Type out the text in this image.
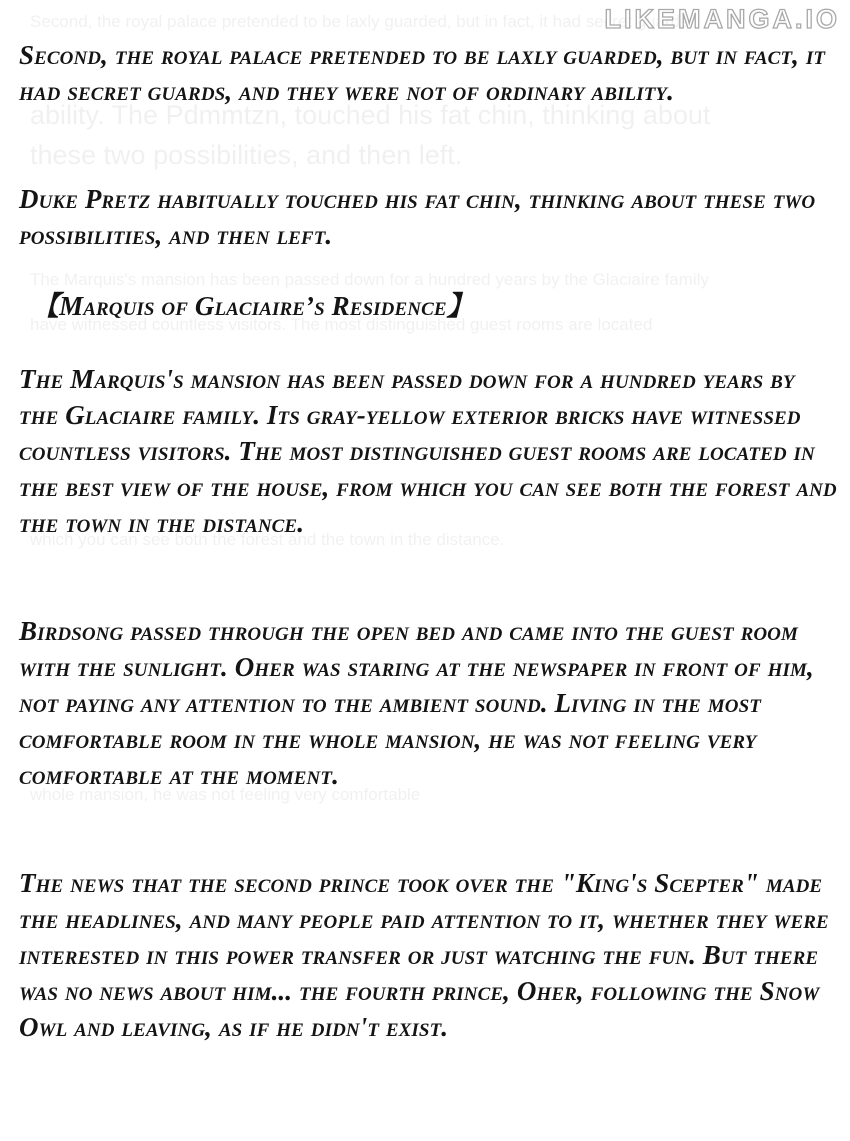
Second, the royal palace pretended to be laxly guarded, but in fact, it had secret guards
ability. The Pdmmtzn, touched his fat chin, thinking about
these two possibilities, and then left.
The Marquis's mansion has been passed down for a hundred years by the Glaciaire family
have witnessed countless visitors. The most distinguished guest rooms are located
which you can see both the forest and the town in the distance.
whole mansion, he was not feeling very comfortable
LIKEMANGA.IO

Second, the royal palace pretended to be laxly guarded, but in fact, it had secret guards, and they were not of ordinary ability.

Duke Pretz habitually touched his fat chin, thinking about these two possibilities, and then left.

【Marquis of Glaciaire’s Residence】

The Marquis's mansion has been passed down for a hundred years by the Glaciaire family. Its gray-yellow exterior bricks have witnessed countless visitors. The most distinguished guest rooms are located in the best view of the house, from which you can see both the forest and the town in the distance.

Birdsong passed through the open bed and came into the guest room with the sunlight. Oher was staring at the newspaper in front of him, not paying any attention to the ambient sound. Living in the most comfortable room in the whole mansion, he was not feeling very comfortable at the moment.

The news that the second prince took over the "King's Scepter" made the headlines, and many people paid attention to it, whether they were interested in this power transfer or just watching the fun. But there was no news about him... the fourth prince, Oher, following the Snow Owl and leaving, as if he didn't exist.
